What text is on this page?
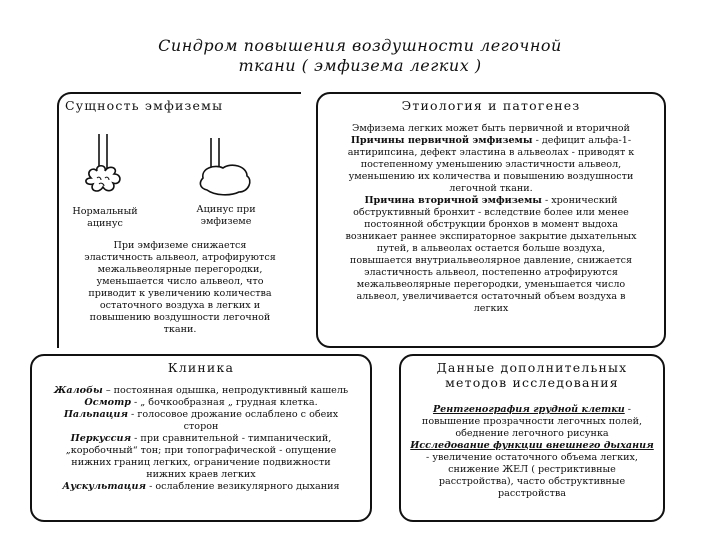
Синдром повышения воздушности легочной
ткани ( эмфизема легких )
Сущность эмфиземы
Нормальный
ацинус
Ацинус при
эмфиземе
При эмфиземе снижается
эластичность альвеол, атрофируются
межальвеолярные перегородки,
уменьшается число альвеол, что
приводит к увеличению количества
остаточного воздуха в легких и
повышению воздушности легочной
ткани.
Этиология и патогенез
Эмфизема легких может быть первичной и вторичной
Причины первичной эмфиземы - дефицит альфа-1-
антирипсина, дефект эластина в альвеолах - приводят к
постепенному уменьшению эластичности альвеол,
уменьшению их количества и повышению воздушности
легочной ткани.
Причина вторичной эмфиземы - хронический
обструктивный бронхит - вследствие более или менее
постоянной обструкции бронхов в момент выдоха
возникает раннее экспираторное закрытие дыхательных
путей, в альвеолах остается больше воздуха,
повышается внутриальвеолярное давление, снижается
эластичность альвеол, постепенно атрофируются
межальвеолярные перегородки, уменьшается число
альвеол, увеличивается остаточный объем воздуха в
легких
Клиника
Жалобы – постоянная одышка, непродуктивный кашель
Осмотр - „ бочкообразная „ грудная клетка.
Пальпация - голосовое дрожание ослаблено с обеих
сторон
Перкуссия - при сравнительной - тимпанический,
„коробочный“ тон; при топографической - опущение
нижних границ легких, ограничение подвижности
нижних краев легких
Аускультация - ослабление везикулярного дыхания
Данные дополнительных
методов исследования
Рентгенография грудной клетки -
повышение прозрачности легочных полей,
обеднение легочного рисунка
Исследование функции внешнего дыхания
- увеличение остаточного объема легких,
снижение ЖЕЛ ( рестриктивные
расстройства), часто обструктивные
расстройства
